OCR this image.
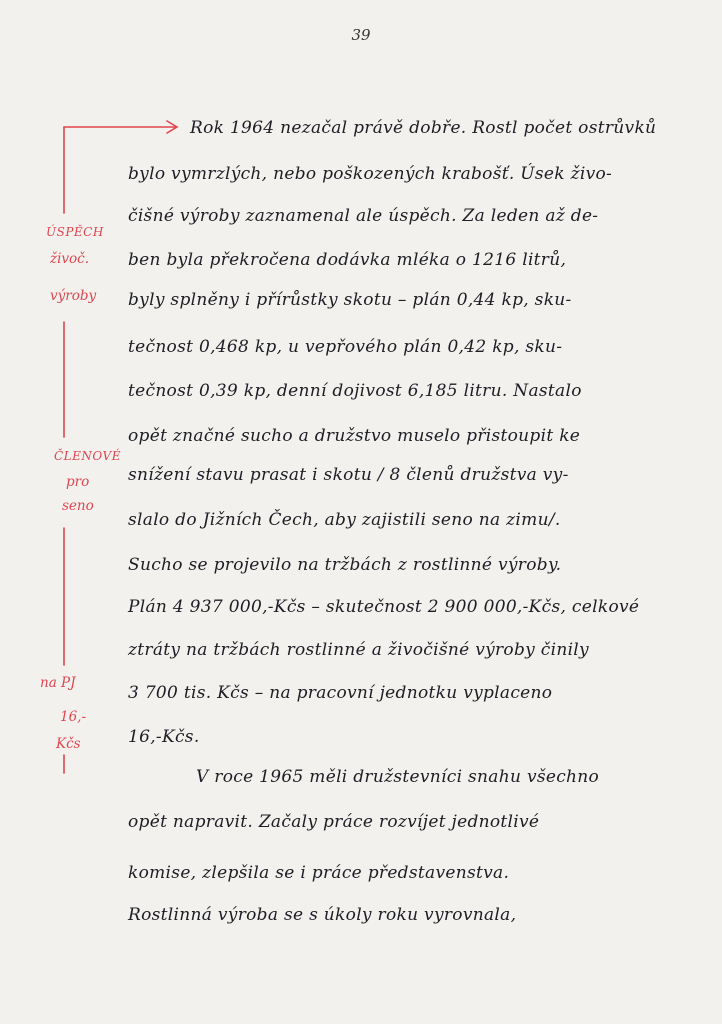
39
ÚSPĚCH
živoč.
výroby
ČLENOVÉ
pro
seno
na PJ
16,-
Kčs
Rok 1964 nezačal právě dobře. Rostl počet ostrůvků
bylo vymrzlých, nebo poškozených krabošť. Úsek živo-
čišné výroby zaznamenal ale úspěch. Za leden až de-
ben byla překročena dodávka mléka o 1216 litrů,
byly splněny i přírůstky skotu – plán 0,44 kp, sku-
tečnost 0,468 kp, u vepřového plán 0,42 kp, sku-
tečnost 0,39 kp, denní dojivost 6,185 litru. Nastalo
opět značné sucho a družstvo muselo přistoupit ke
snížení stavu prasat i skotu / 8 členů družstva vy-
slalo do Jižních Čech, aby zajistili seno na zimu/.
Sucho se projevilo na tržbách z rostlinné výroby.
Plán 4 937 000,-Kčs – skutečnost 2 900 000,-Kčs, celkové
ztráty na tržbách rostlinné a živočišné výroby činily
3 700 tis. Kčs – na pracovní jednotku vyplaceno
16,-Kčs.
V roce 1965 měli družstevníci snahu všechno
opět napravit. Začaly práce rozvíjet jednotlivé
komise, zlepšila se i práce představenstva.
Rostlinná výroba se s úkoly roku vyrovnala,
